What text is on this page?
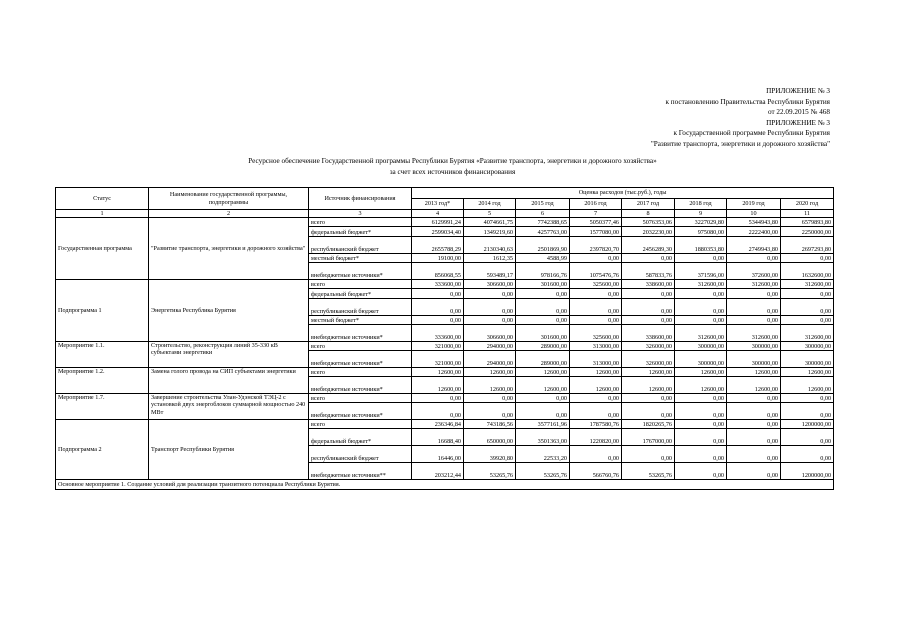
ПРИЛОЖЕНИЕ № 3
к постановлению Правительства Республики Бурятия
от 22.09.2015 № 468
ПРИЛОЖЕНИЕ № 3
к Государственной программе Республики Бурятия
"Развитие транспорта, энергетики и дорожного хозяйства"
Ресурсное обеспечение Государственной программы Республики Бурятия «Развитие транспорта, энергетики и дорожного хозяйства»
за счет всех источников финансирования
Статус	Наименование государственной программы, подпрограммы	Источник финансирования	Оценка расходов (тыс.руб.), годы							
			2013 год*	2014 год	2015 год	2016 год	2017 год	2018 год	2019 год	2020 год
1	2	3	4	5	6	7	8	9	10	11
Государственная программа	"Развитие транспорта, энергетики и дорожного хозяйства"	всего	6129991,24	4074661,75	7742388,65	5050377,46	5076353,06	3227029,80	5344943,80	6579893,80
		федеральный бюджет*	2599034,40	1349219,60	4257763,00	1577080,00	2032230,00	975080,00	2222400,00	2250000,00
		республиканский бюджет	2655788,29	2130340,63	2501869,90	2397820,70	2456289,30	1880353,80	2749943,80	2697293,80
		местный бюджет*	19100,00	1612,35	4588,99	0,00	0,00	0,00	0,00	0,00
		внебюджетные источники*	856068,55	593489,17	978166,76	1075476,76	587833,76	371596,00	372600,00	1632600,00
Подпрограмма 1	Энергетика Республика Бурятия	всего	333600,00	306600,00	301600,00	325600,00	338600,00	312600,00	312600,00	312600,00
		федеральный бюджет*	0,00	0,00	0,00	0,00	0,00	0,00	0,00	0,00
		республиканский бюджет	0,00	0,00	0,00	0,00	0,00	0,00	0,00	0,00
		местный бюджет*	0,00	0,00	0,00	0,00	0,00	0,00	0,00	0,00
		внебюджетные источники*	333600,00	306600,00	301600,00	325600,00	338600,00	312600,00	312600,00	312600,00
Мероприятие 1.1.	Строительство, реконструкция линий 35-330 кВ субъектами энергетики	всего	321000,00	294000,00	289000,00	313000,00	326000,00	300000,00	300000,00	300000,00
		внебюджетные источники*	321000,00	294000,00	289000,00	313000,00	326000,00	300000,00	300000,00	300000,00
Мероприятие 1.2.	Замена голого провода на СИП субъектами энергетики	всего	12600,00	12600,00	12600,00	12600,00	12600,00	12600,00	12600,00	12600,00
		внебюджетные источники*	12600,00	12600,00	12600,00	12600,00	12600,00	12600,00	12600,00	12600,00
Мероприятие 1.7.	Завершение строительства Улан-Удэнской ТЭЦ-2 с установкой двух энергоблоков суммарной мощностью 240 МВт	всего	0,00	0,00	0,00	0,00	0,00	0,00	0,00	0,00
		внебюджетные источники*	0,00	0,00	0,00	0,00	0,00	0,00	0,00	0,00
Подпрограмма 2	Транспорт Республики Бурятия	всего	236346,84	743186,56	3577161,96	1787580,76	1820265,76	0,00	0,00	1200000,00
		федеральный бюджет*	16688,40	650000,00	3501363,00	1220820,00	1767000,00	0,00	0,00	0,00
		республиканский бюджет	16446,00	39920,80	22533,20	0,00	0,00	0,00	0,00	0,00
		внебюджетные источники**	203212,44	53265,76	53265,76	566760,76	53265,76	0,00	0,00	1200000,00
Основное мероприятие 1. Создание условий для реализации транзитного потенциала Республики Бурятия.										
